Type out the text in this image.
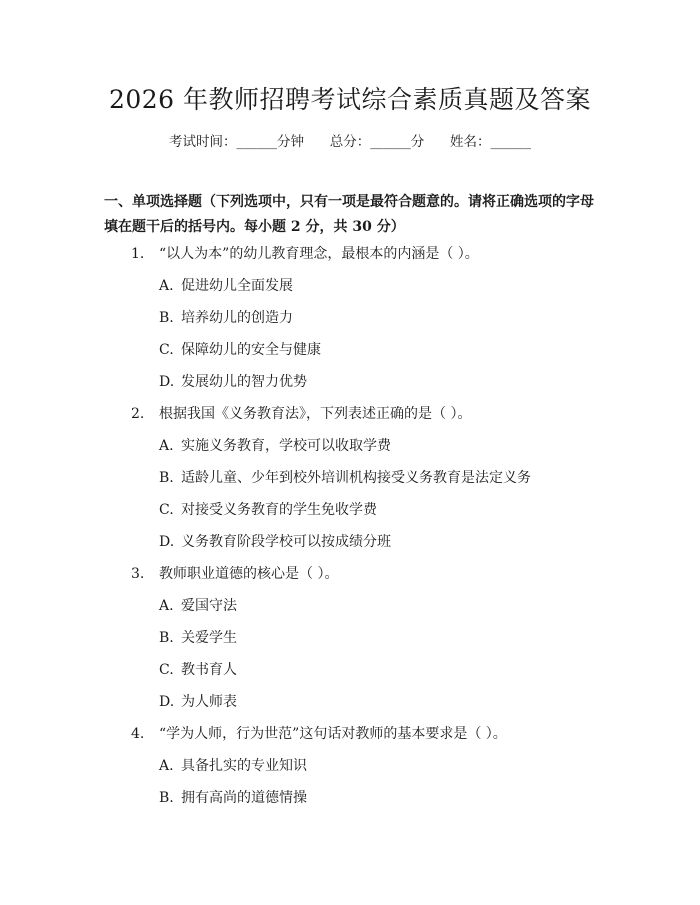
2026 年教师招聘考试综合素质真题及答案
考试时间：______分钟      总分：______分      姓名：______
一、单项选择题（下列选项中，只有一项是最符合题意的。请将正确选项的字母填在题干后的括号内。每小题 2 分，共 30 分）
1. “以人为本”的幼儿教育理念，最根本的内涵是（ ）。
A. 促进幼儿全面发展
B. 培养幼儿的创造力
C. 保障幼儿的安全与健康
D. 发展幼儿的智力优势
2. 根据我国《义务教育法》，下列表述正确的是（ ）。
A. 实施义务教育，学校可以收取学费
B. 适龄儿童、少年到校外培训机构接受义务教育是法定义务
C. 对接受义务教育的学生免收学费
D. 义务教育阶段学校可以按成绩分班
3. 教师职业道德的核心是（ ）。
A. 爱国守法
B. 关爱学生
C. 教书育人
D. 为人师表
4. “学为人师，行为世范”这句话对教师的基本要求是（ ）。
A. 具备扎实的专业知识
B. 拥有高尚的道德情操
